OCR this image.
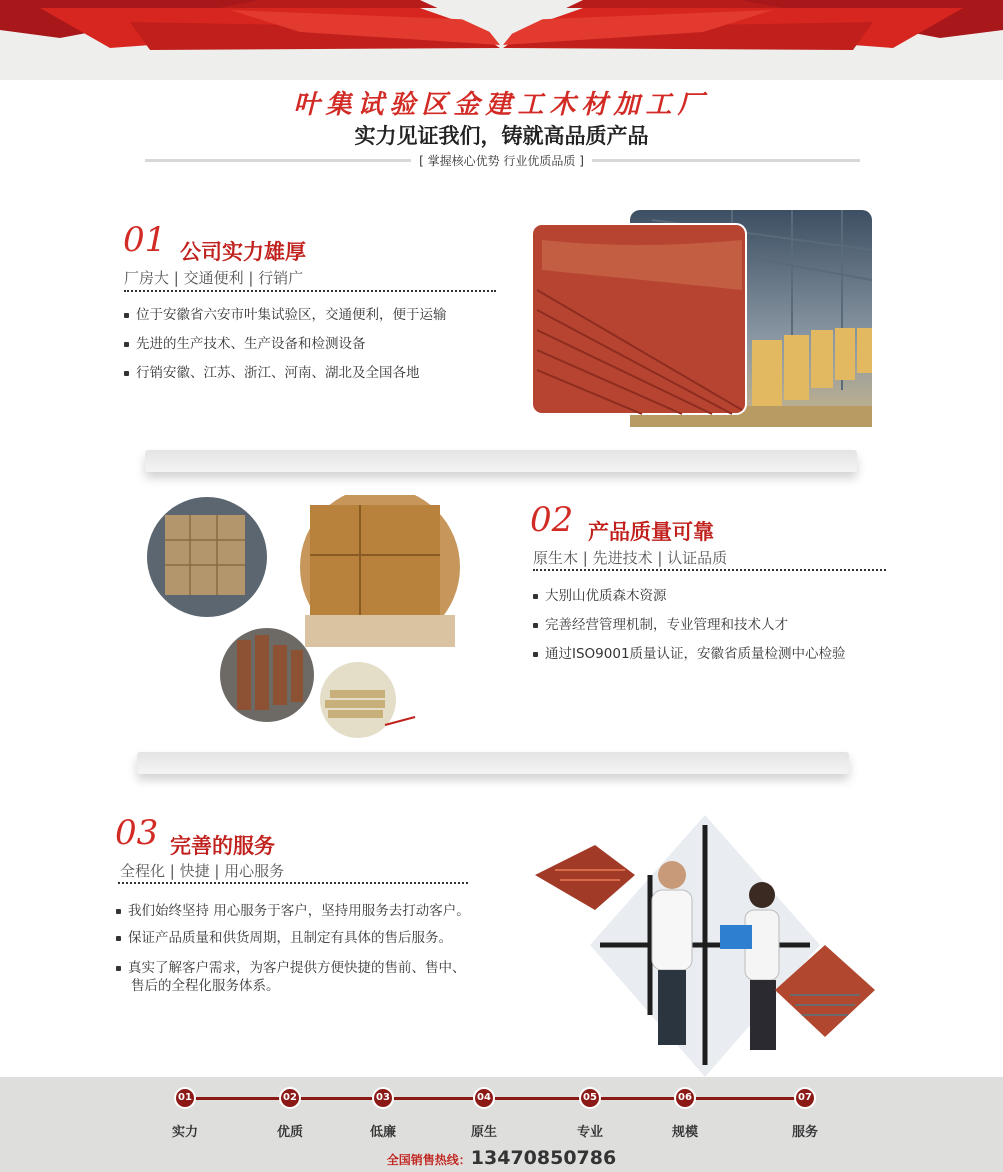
叶集试验区金建工木材加工厂
实力见证我们，铸就高品质产品
[ 掌握核心优势 行业优质品质 ]
01 公司实力雄厚
厂房大 | 交通便利 | 行销广
位于安徽省六安市叶集试验区，交通便利，便于运输
先进的生产技术、生产设备和检测设备
行销安徽、江苏、浙江、河南、湖北及全国各地
02 产品质量可靠
原生木 | 先进技术 | 认证品质
大别山优质森木资源
完善经营管理机制，专业管理和技术人才
通过ISO9001质量认证，安徽省质量检测中心检验
03 完善的服务
全程化 | 快捷 | 用心服务
我们始终坚持 用心服务于客户，坚持用服务去打动客户。
保证产品质量和供货周期，且制定有具体的售后服务。
真实了解客户需求，为客户提供方便快捷的售前、售中、
售后的全程化服务体系。
01
实力
02
优质
03
低廉
04
原生
05
专业
06
规模
07
服务
全国销售热线：13470850786
